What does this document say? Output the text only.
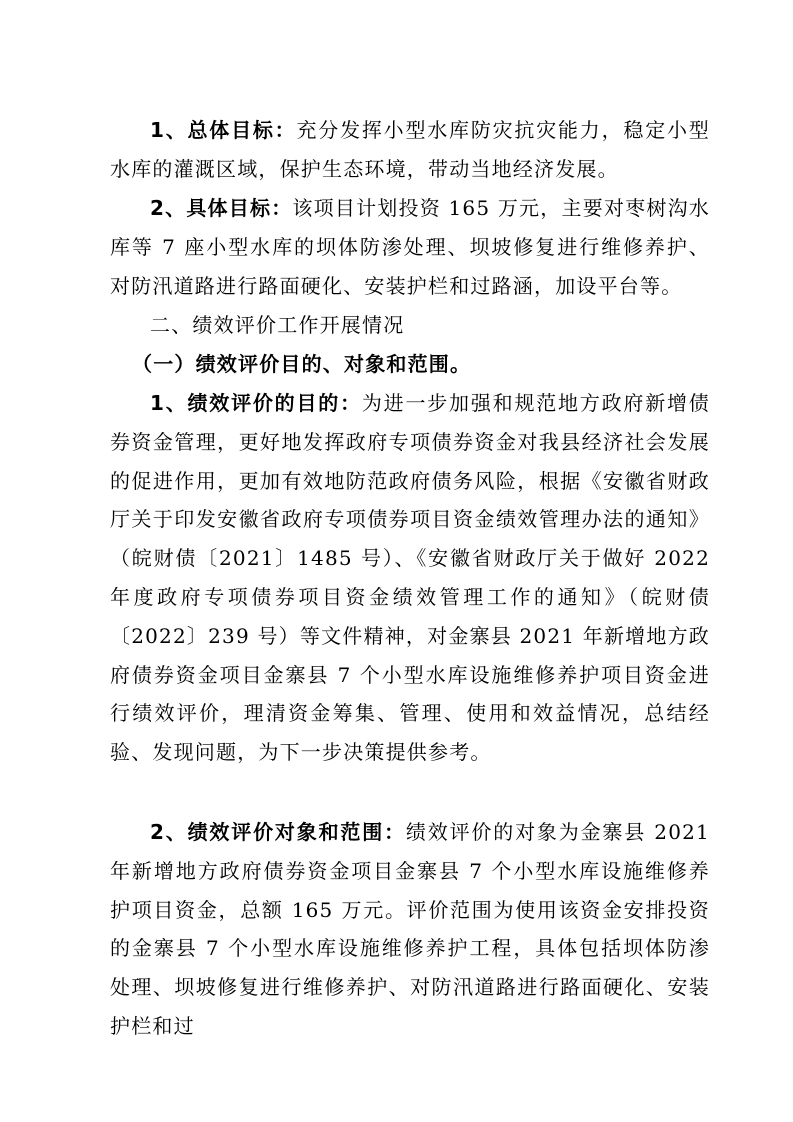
1、总体目标：充分发挥小型水库防灾抗灾能力，稳定小型水库的灌溉区域，保护生态环境，带动当地经济发展。

2、具体目标：该项目计划投资 165 万元，主要对枣树沟水库等 7 座小型水库的坝体防渗处理、坝坡修复进行维修养护、对防汛道路进行路面硬化、安装护栏和过路涵，加设平台等。

二、绩效评价工作开展情况

（一）绩效评价目的、对象和范围。

1、绩效评价的目的：为进一步加强和规范地方政府新增债券资金管理，更好地发挥政府专项债券资金对我县经济社会发展的促进作用，更加有效地防范政府债务风险，根据《安徽省财政厅关于印发安徽省政府专项债券项目资金绩效管理办法的通知》（皖财债〔2021〕1485 号）、《安徽省财政厅关于做好 2022 年度政府专项债券项目资金绩效管理工作的通知》（皖财债〔2022〕239 号）等文件精神，对金寨县 2021 年新增地方政府债券资金项目金寨县 7 个小型水库设施维修养护项目资金进行绩效评价，理清资金筹集、管理、使用和效益情况，总结经验、发现问题，为下一步决策提供参考。

2、绩效评价对象和范围：绩效评价的对象为金寨县 2021 年新增地方政府债券资金项目金寨县 7 个小型水库设施维修养护项目资金，总额 165 万元。评价范围为使用该资金安排投资的金寨县 7 个小型水库设施维修养护工程，具体包括坝体防渗处理、坝坡修复进行维修养护、对防汛道路进行路面硬化、安装护栏和过
